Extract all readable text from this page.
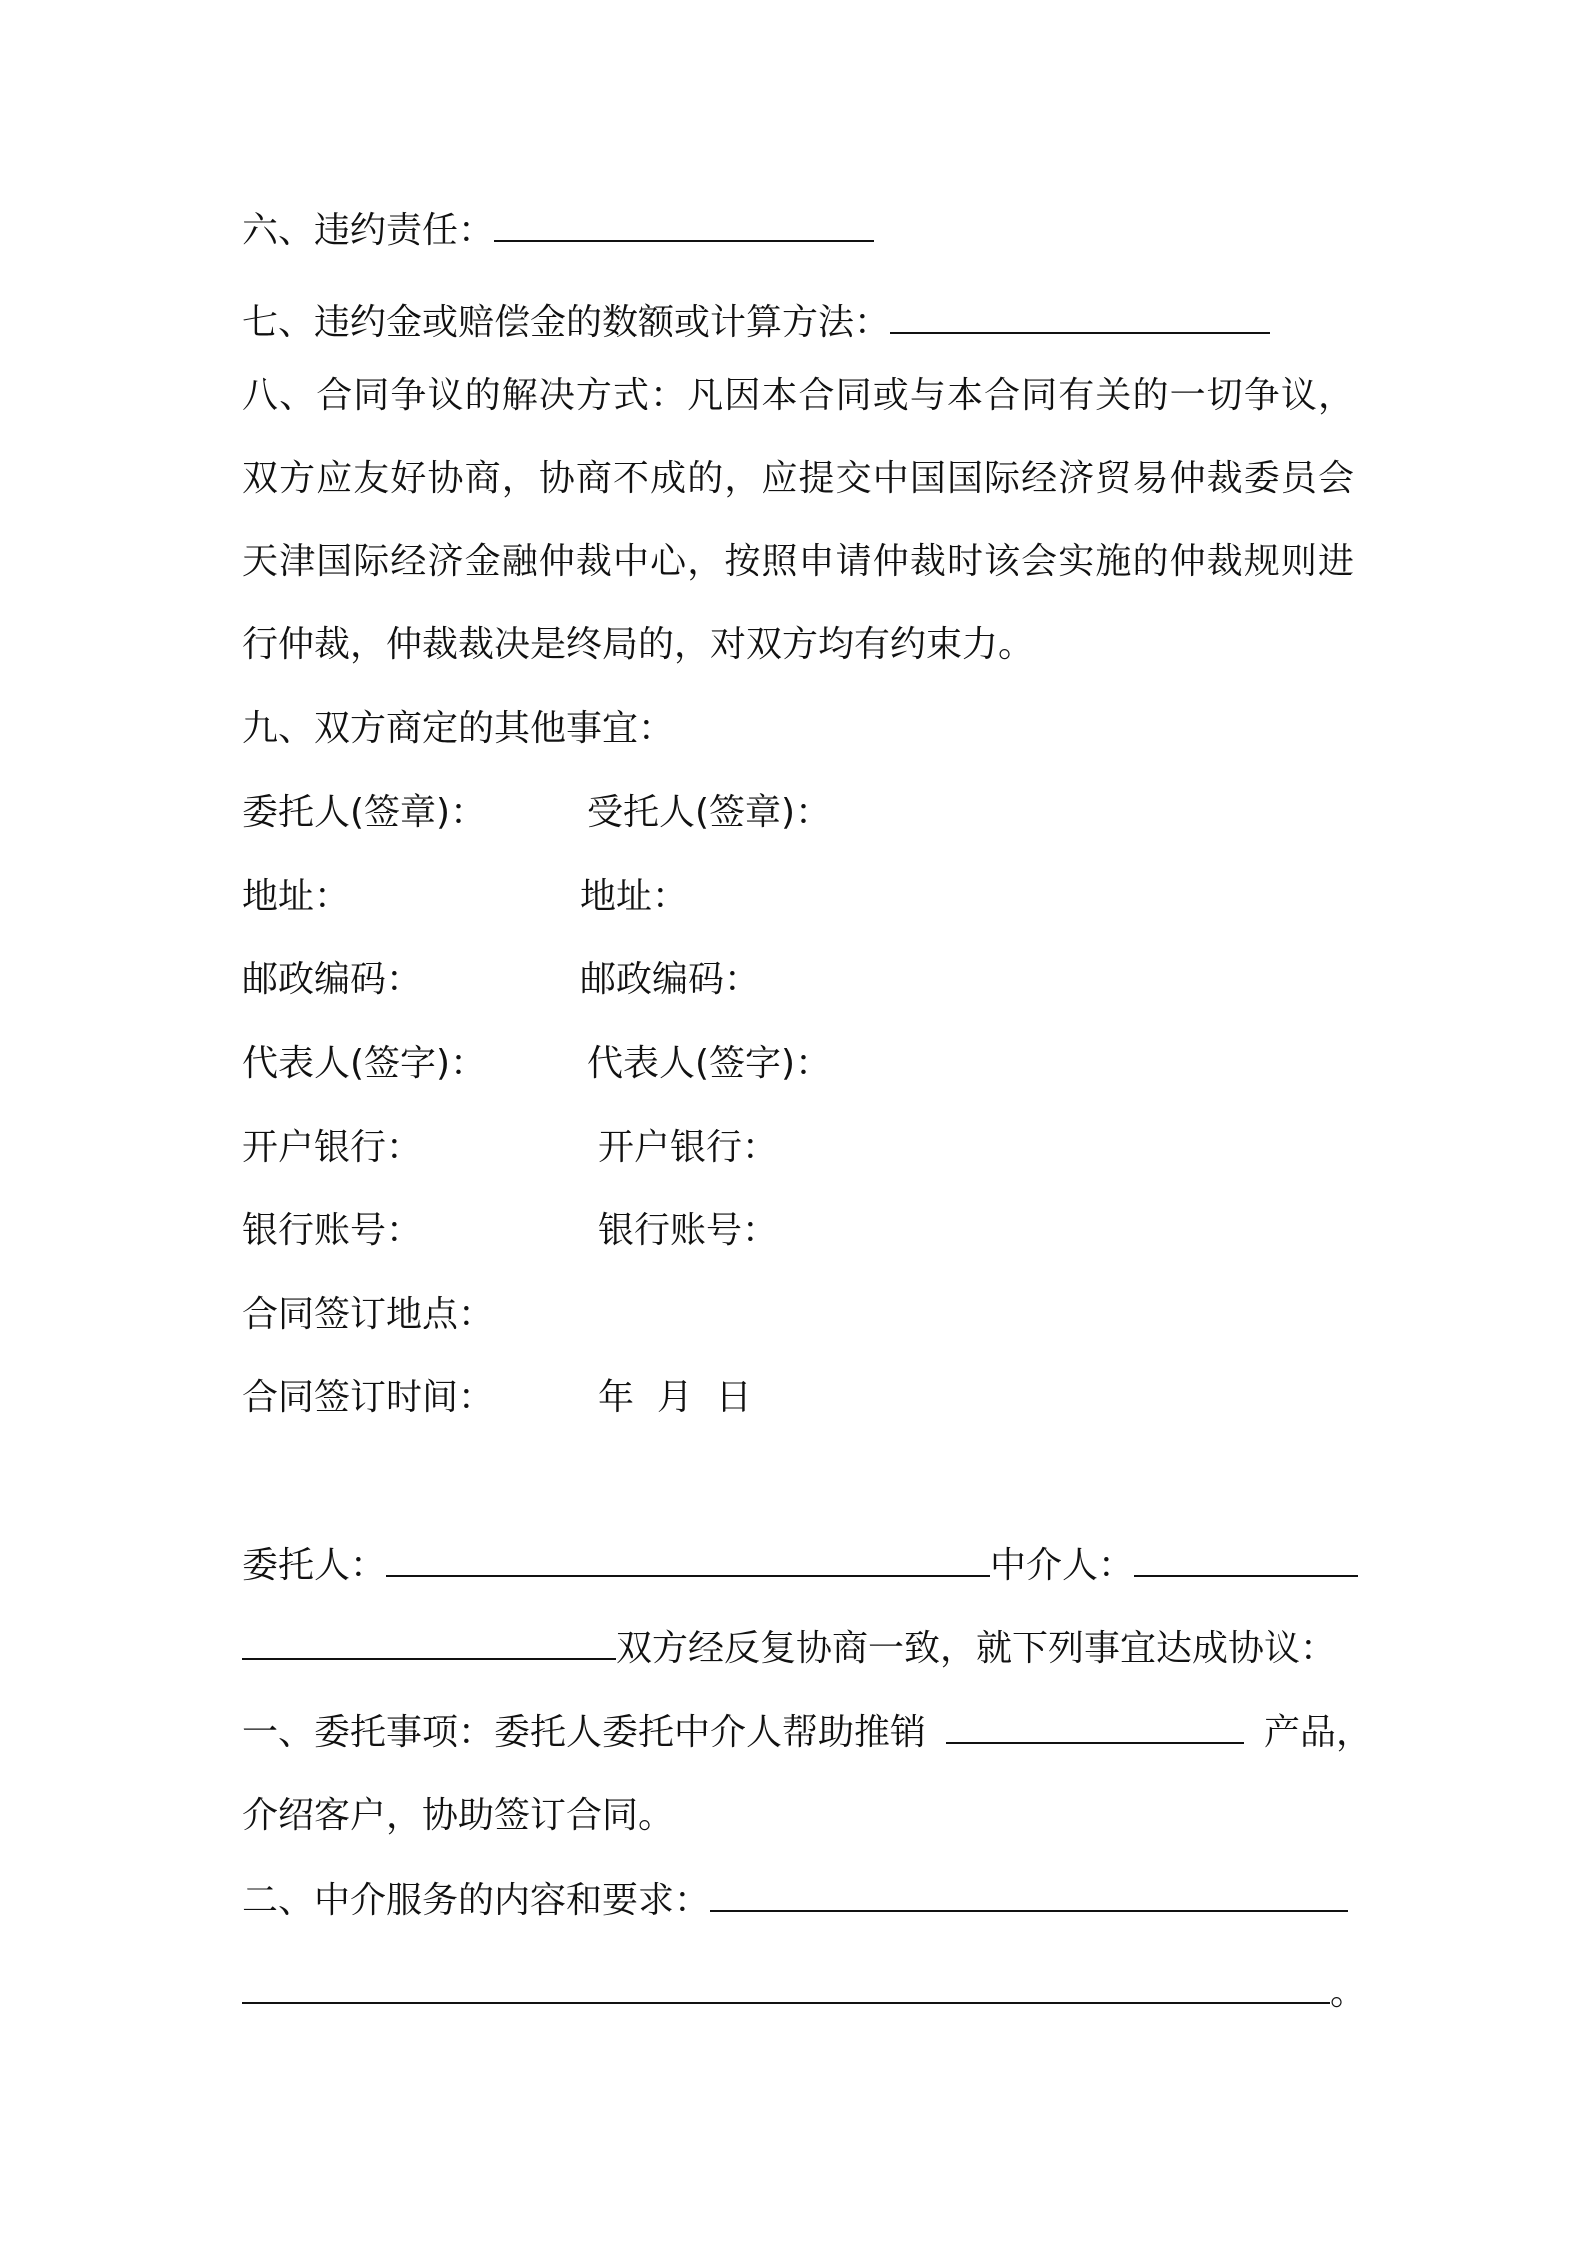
六、违约责任：
七、违约金或赔偿金的数额或计算方法：
八、合同争议的解决方式：凡因本合同或与本合同有关的一切争议，
双方应友好协商，协商不成的，应提交中国国际经济贸易仲裁委员会
天津国际经济金融仲裁中心，按照申请仲裁时该会实施的仲裁规则进
行仲裁，仲裁裁决是终局的，对双方均有约束力。
九、双方商定的其他事宜：
委托人(签章)：	受托人(签章)：
地址：	地址：
邮政编码：	邮政编码：
代表人(签字)：	代表人(签字)：
开户银行：	开户银行：
银行账号：	银行账号：
合同签订地点：
合同签订时间：	年  月  日
委托人：	中介人：
双方经反复协商一致，就下列事宜达成协议：
一、委托事项：委托人委托中介人帮助推销	产品，
介绍客户，协助签订合同。
二、中介服务的内容和要求：
。
